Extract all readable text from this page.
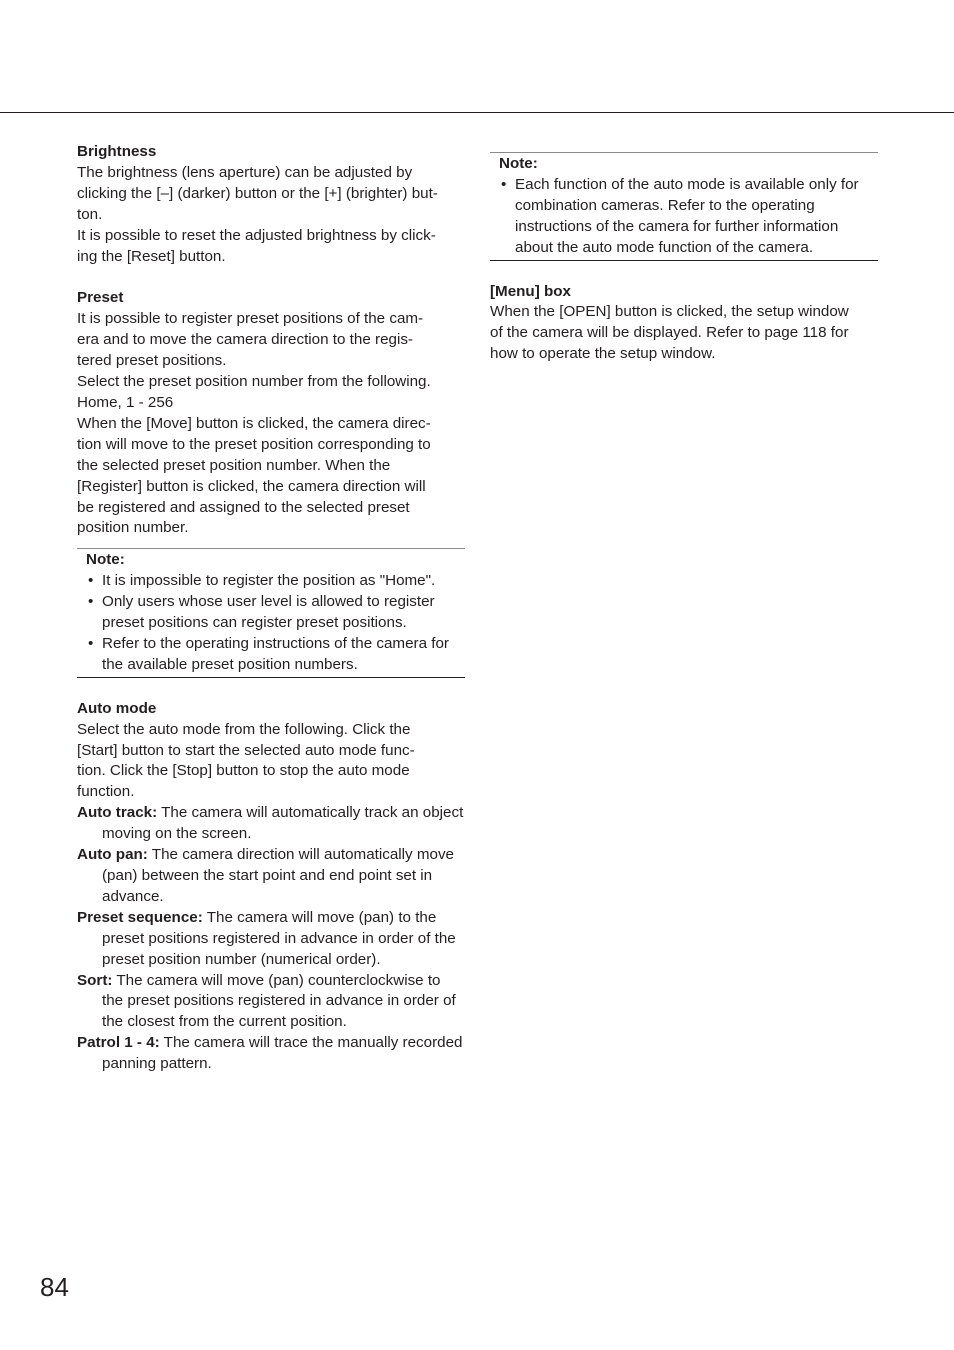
Brightness

The brightness (lens aperture) can be adjusted by

clicking the [–] (darker) button or the [+] (brighter) but-

ton.

It is possible to reset the adjusted brightness by click-

ing the [Reset] button.

Preset

It is possible to register preset positions of the cam-

era and to move the camera direction to the regis-

tered preset positions.

Select the preset position number from the following.

Home, 1 - 256

When the [Move] button is clicked, the camera direc-

tion will move to the preset position corresponding to

the selected preset position number. When the

[Register] button is clicked, the camera direction will

be registered and assigned to the selected preset

position number.

Note:
• It is impossible to register the position as "Home".
• Only users whose user level is allowed to register preset positions can register preset positions.
• Refer to the operating instructions of the camera for the available preset position numbers.
Auto mode

Select the auto mode from the following. Click the

[Start] button to start the selected auto mode func-

tion. Click the [Stop] button to stop the auto mode

function.

Auto track: The camera will automatically track an object moving on the screen.

Auto pan: The camera direction will automatically move (pan) between the start point and end point set in advance.

Preset sequence: The camera will move (pan) to the preset positions registered in advance in order of the preset position number (numerical order).

Sort: The camera will move (pan) counterclockwise to the preset positions registered in advance in order of the closest from the current position.

Patrol 1 - 4: The camera will trace the manually recorded panning pattern.

Note:
• Each function of the auto mode is available only for combination cameras. Refer to the operating instructions of the camera for further information about the auto mode function of the camera.
[Menu] box

When the [OPEN] button is clicked, the setup window

of the camera will be displayed. Refer to page 118 for

how to operate the setup window.

84
